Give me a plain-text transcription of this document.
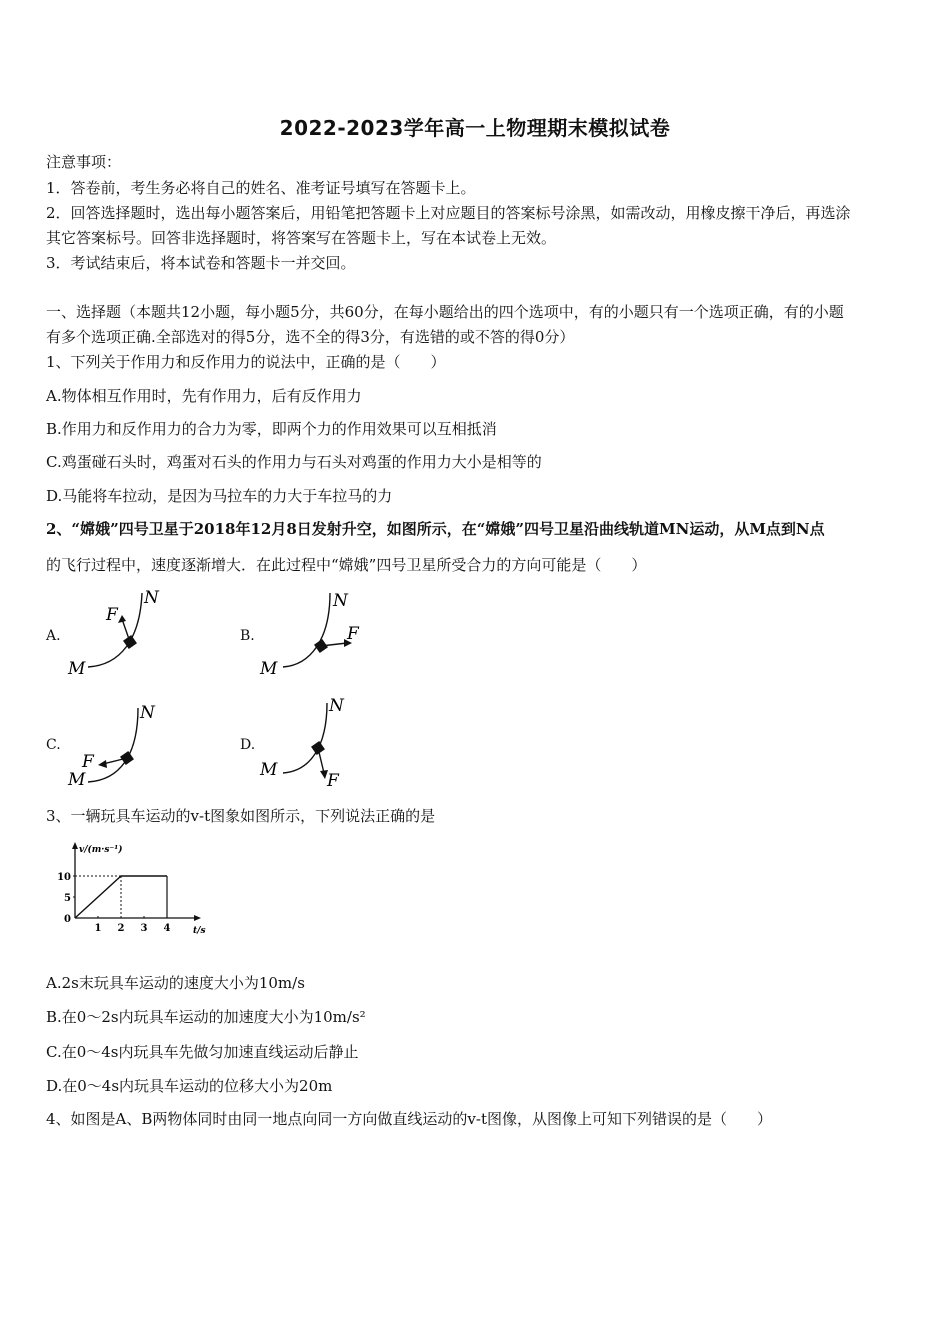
2022-2023学年高一上物理期末模拟试卷
注意事项：
1．答卷前，考生务必将自己的姓名、准考证号填写在答题卡上。
2．回答选择题时，选出每小题答案后，用铅笔把答题卡上对应题目的答案标号涂黑，如需改动，用橡皮擦干净后，再选涂
其它答案标号。回答非选择题时，将答案写在答题卡上，写在本试卷上无效。
3．考试结束后，将本试卷和答题卡一并交回。
一、选择题（本题共12小题，每小题5分，共60分，在每小题给出的四个选项中，有的小题只有一个选项正确，有的小题
有多个选项正确.全部选对的得5分，选不全的得3分，有选错的或不答的得0分）
1、下列关于作用力和反作用力的说法中，正确的是（　　）
A.物体相互作用时，先有作用力，后有反作用力
B.作用力和反作用力的合力为零，即两个力的作用效果可以互相抵消
C.鸡蛋碰石头时，鸡蛋对石头的作用力与石头对鸡蛋的作用力大小是相等的
D.马能将车拉动，是因为马拉车的力大于车拉马的力
2、“嫦娥”四号卫星于2018年12月8日发射升空，如图所示，在“嫦娥”四号卫星沿曲线轨道MN运动，从M点到N点
的飞行过程中，速度逐渐增大．在此过程中“嫦娥”四号卫星所受合力的方向可能是（　　）
A.	B.
C.	D.
M
N
F
M
N
F
M
N
F	M
N
F
3、一辆玩具车运动的v-t图象如图所示，下列说法正确的是
v/(m·s⁻¹)
t/s
10
5
0
1 2 3 4
A.2s末玩具车运动的速度大小为10m/s
B.在0～2s内玩具车运动的加速度大小为10m/s²
C.在0～4s内玩具车先做匀加速直线运动后静止
D.在0～4s内玩具车运动的位移大小为20m
4、如图是A、B两物体同时由同一地点向同一方向做直线运动的v-t图像，从图像上可知下列错误的是（　　）
